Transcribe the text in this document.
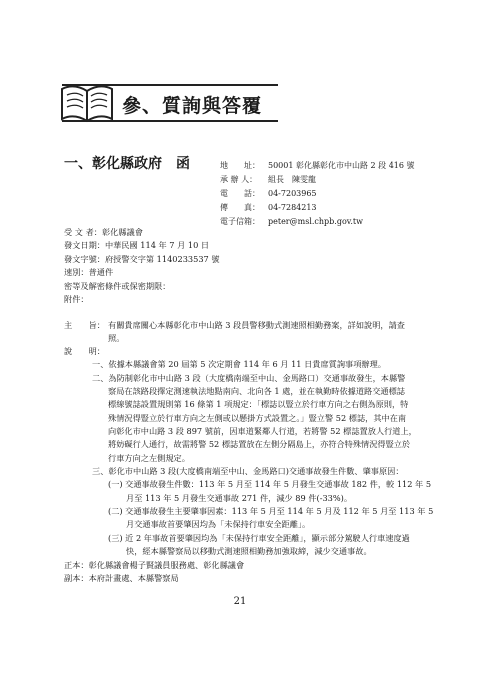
參、質詢與答覆
一、彰化縣政府　函	地　　址： 50001 彰化縣彰化市中山路 2 段 416 號
承 辦 人： 組長　陳雯龍
電　　話： 04-7203965
傳　　真： 04-7284213
電子信箱： peter@msl.chpb.gov.tw
受 文 者：彰化縣議會
發文日期：中華民國 114 年 7 月 10 日
發文字號：府授警交字第 1140233537 號
速別：普通件
密等及解密條件或保密期限：
附件：
主　　旨： 有關貴席關心本縣彰化市中山路 3 段員警移動式測速照相勤務案，詳如說明，請查
照。
說　　明：
一、依據本縣議會第 20 屆第 5 次定期會 114 年 6 月 11 日貴席質詢事項辦理。
二、為防制彰化市中山路 3 段（大度橋南端至中山、金馬路口）交通事故發生，本縣警
察局在該路段擇定測速執法地點南向、北向各 1 處，並在執勤時依據道路交通標誌
標線號誌設置規則第 16 條第 1 項規定：「標誌以豎立於行車方向之右側為原則，特
殊情況得豎立於行車方向之左側或以懸掛方式設置之。」豎立警 52 標誌，其中在南
向彰化市中山路 3 段 897 號前，因車道緊鄰人行道，若將警 52 標誌置放人行道上，
將妨礙行人通行，故需將警 52 標誌置放在左側分隔島上，亦符合特殊情況得豎立於
行車方向之左側規定。
三、彰化市中山路 3 段(大度橋南端至中山、金馬路口)交通事故發生件數、肇事原因：
(一) 交通事故發生件數：113 年 5 月至 114 年 5 月發生交通事故 182 件，較 112 年 5
月至 113 年 5 月發生交通事故 271 件，減少 89 件(-33%)。
(二) 交通事故發生主要肇事因素：113 年 5 月至 114 年 5 月及 112 年 5 月至 113 年 5
月交通事故首要肇因均為「未保持行車安全距離」。
(三) 近 2 年事故首要肇因均為「未保持行車安全距離」，顯示部分駕駛人行車速度過
快，經本縣警察局以移動式測速照相勤務加強取締，減少交通事故。
正本：彰化縣議會楊子賢議員服務處、彰化縣議會
副本：本府計畫處、本縣警察局
21
